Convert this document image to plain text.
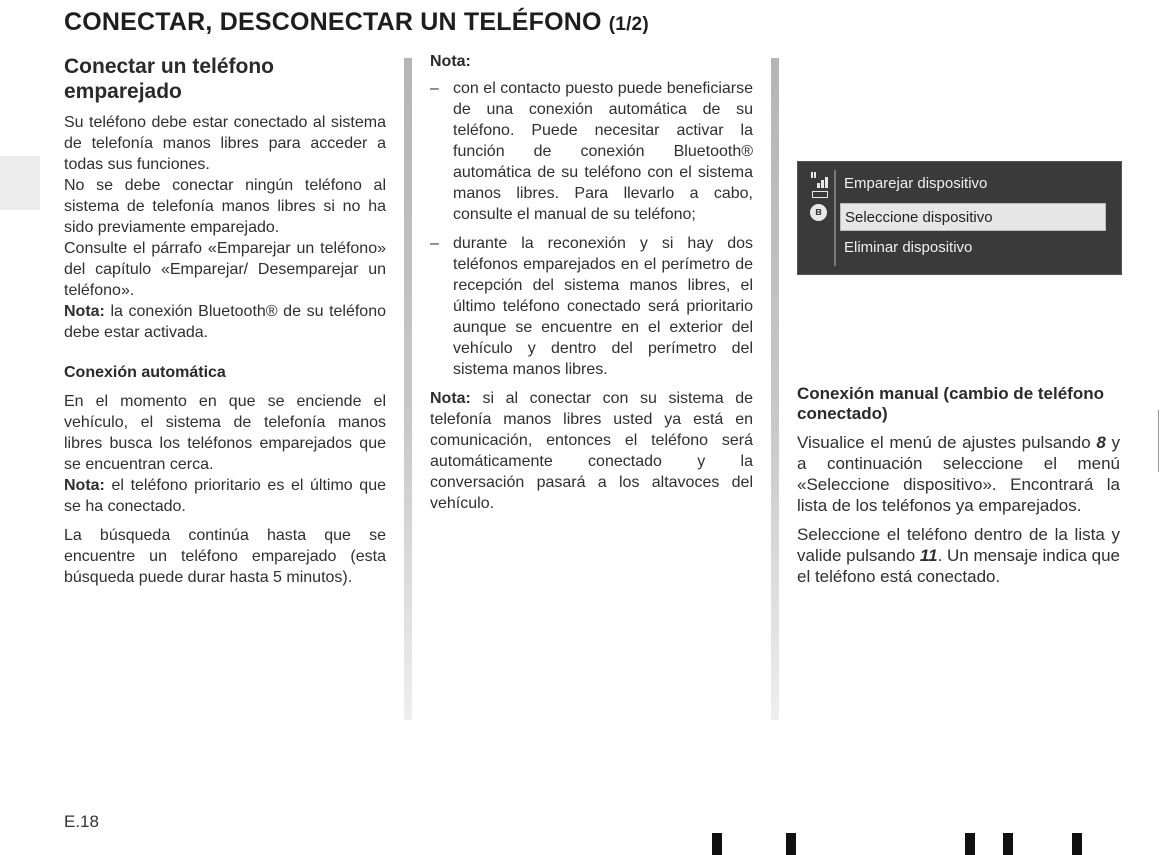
CONECTAR, DESCONECTAR UN TELÉFONO (1/2)
Conectar un teléfono emparejado

Su teléfono debe estar conectado al sistema de telefonía manos libres para acceder a todas sus funciones.

No se debe conectar ningún teléfono al sistema de telefonía manos libres si no ha sido previamente emparejado.

Consulte el párrafo «Emparejar un teléfono» del capítulo «Emparejar/ Desemparejar un teléfono».

Nota: la conexión Bluetooth® de su teléfono debe estar activada.

Conexión automática

En el momento en que se enciende el vehículo, el sistema de telefonía manos libres busca los teléfonos emparejados que se encuentran cerca.

Nota: el teléfono prioritario es el último que se ha conectado.

La búsqueda continúa hasta que se encuentre un teléfono emparejado (esta búsqueda puede durar hasta 5 minutos).

Nota:
– con el contacto puesto puede beneficiarse de una conexión automática de su teléfono. Puede necesitar activar la función de conexión Bluetooth® automática de su teléfono con el sistema manos libres. Para llevarlo a cabo, consulte el manual de su teléfono;
– durante la reconexión y si hay dos teléfonos emparejados en el perímetro de recepción del sistema manos libres, el último teléfono conectado será prioritario aunque se encuentre en el exterior del vehículo y dentro del perímetro del sistema manos libres.

Nota: si al conectar con su sistema de telefonía manos libres usted ya está en comunicación, entonces el teléfono será automáticamente conectado y la conversación pasará a los altavoces del vehículo.

ʙ
Emparejar dispositivo
Seleccione dispositivo
Eliminar dispositivo
Conexión manual (cambio de teléfono conectado)

Visualice el menú de ajustes pulsando 8 y a continuación seleccione el menú «Seleccione dispositivo». Encontrará la lista de los teléfonos ya emparejados.

Seleccione el teléfono dentro de la lista y valide pulsando 11. Un mensaje indica que el teléfono está conectado.

E.18
